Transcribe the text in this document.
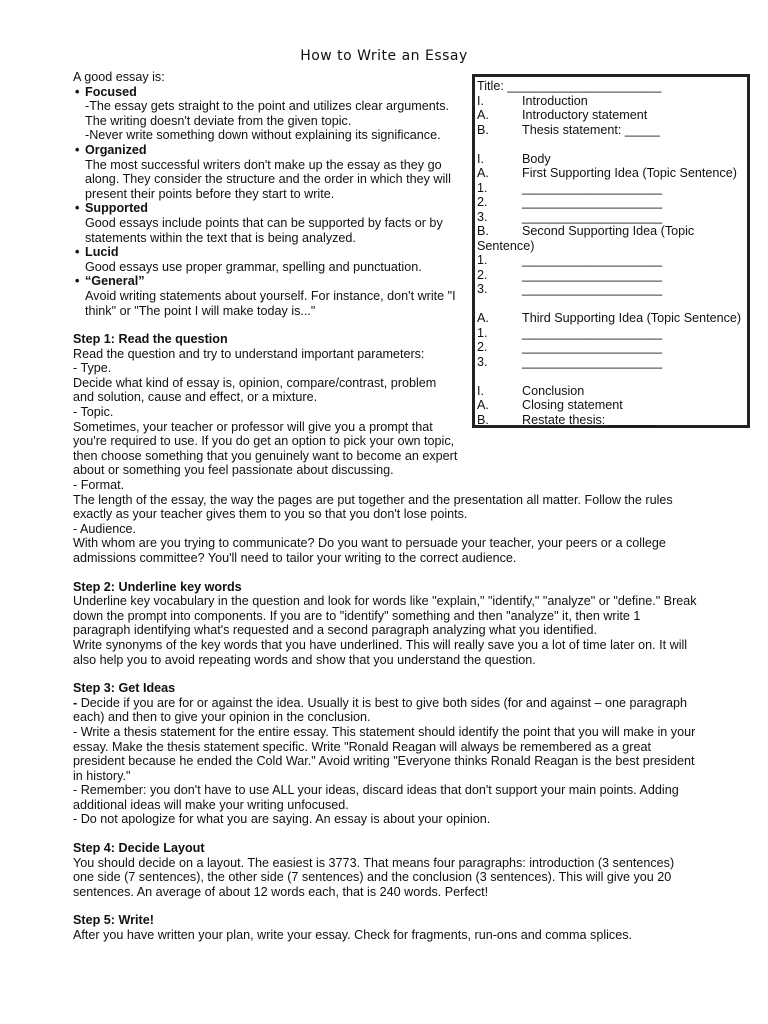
How to Write an Essay

A good essay is:

• Focused

-The essay gets straight to the point and utilizes clear arguments. The writing doesn't deviate from the given topic.

-Never write something down without explaining its significance.

• Organized

The most successful writers don't make up the essay as they go along. They consider the structure and the order in which they will present their points before they start to write.

• Supported

Good essays include points that can be supported by facts or by statements within the text that is being analyzed.

• Lucid

Good essays use proper grammar, spelling and punctuation.

• “General”

Avoid writing statements about yourself. For instance, don't write "I think" or "The point I will make today is..."

Step 1: Read the question

Read the question and try to understand important parameters:

- Type.

Decide what kind of essay is, opinion, compare/contrast, problem and solution, cause and effect, or a mixture.

- Topic.

Sometimes, your teacher or professor will give you a prompt that you're required to use. If you do get an option to pick your own topic, then choose something that you genuinely want to become an expert about or something you feel passionate about discussing.

Title: ______________________

I.	Introduction
A.	Introductory statement
B.	Thesis statement: _____
I.	Body
A.	First Supporting Idea (Topic Sentence)
1.	____________________
2.	____________________
3.	____________________
B.	Second Supporting Idea (Topic
Sentence)
1.	____________________
2.	____________________
3.	____________________
A.	Third Supporting Idea (Topic Sentence)
1.	____________________
2.	____________________
3.	____________________
I.	Conclusion
A.	Closing statement
B.	Restate thesis: _______

- Format.

The length of the essay, the way the pages are put together and the presentation all matter. Follow the rules exactly as your teacher gives them to you so that you don't lose points.

- Audience.

With whom are you trying to communicate? Do you want to persuade your teacher, your peers or a college admissions committee? You'll need to tailor your writing to the correct audience.

Step 2: Underline key words

Underline key vocabulary in the question and look for words like "explain," "identify," "analyze" or "define." Break down the prompt into components. If you are to "identify" something and then "analyze" it, then write 1 paragraph identifying what's requested and a second paragraph analyzing what you identified.

Write synonyms of the key words that you have underlined. This will really save you a lot of time later on. It will also help you to avoid repeating words and show that you understand the question.

Step 3: Get Ideas

- Decide if you are for or against the idea. Usually it is best to give both sides (for and against – one paragraph each) and then to give your opinion in the conclusion.

- Write a thesis statement for the entire essay. This statement should identify the point that you will make in your essay. Make the thesis statement specific. Write "Ronald Reagan will always be remembered as a great president because he ended the Cold War." Avoid writing "Everyone thinks Ronald Reagan is the best president in history."

- Remember: you don't have to use ALL your ideas, discard ideas that don't support your main points. Adding additional ideas will make your writing unfocused.

- Do not apologize for what you are saying. An essay is about your opinion.

Step 4: Decide Layout

You should decide on a layout. The easiest is 3773. That means four paragraphs: introduction (3 sentences) one side (7 sentences), the other side (7 sentences) and the conclusion (3 sentences). This will give you 20 sentences. An average of about 12 words each, that is 240 words. Perfect!

Step 5: Write!

After you have written your plan, write your essay. Check for fragments, run-ons and comma splices.
